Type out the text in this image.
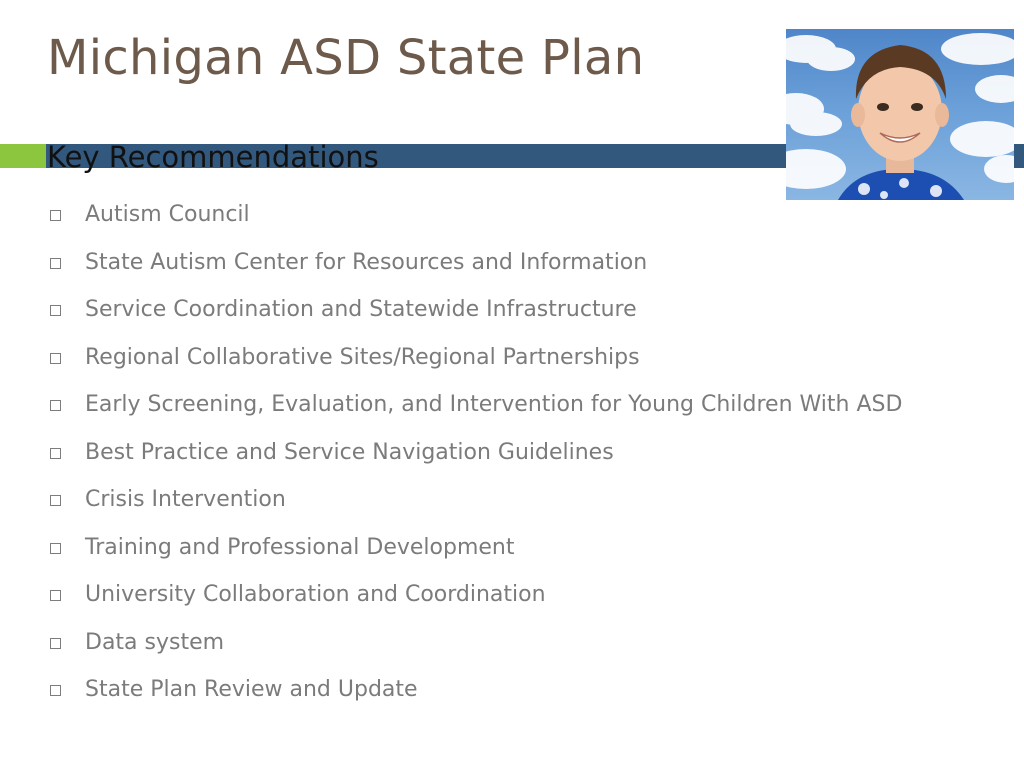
Michigan ASD State Plan
Key Recommendations
Autism Council
State Autism Center for Resources and Information
Service Coordination and Statewide Infrastructure
Regional Collaborative Sites/Regional Partnerships
Early Screening, Evaluation, and Intervention for Young Children With ASD
Best Practice and Service Navigation Guidelines
Crisis Intervention
Training and Professional Development
University Collaboration and Coordination
Data system
State Plan Review and Update
